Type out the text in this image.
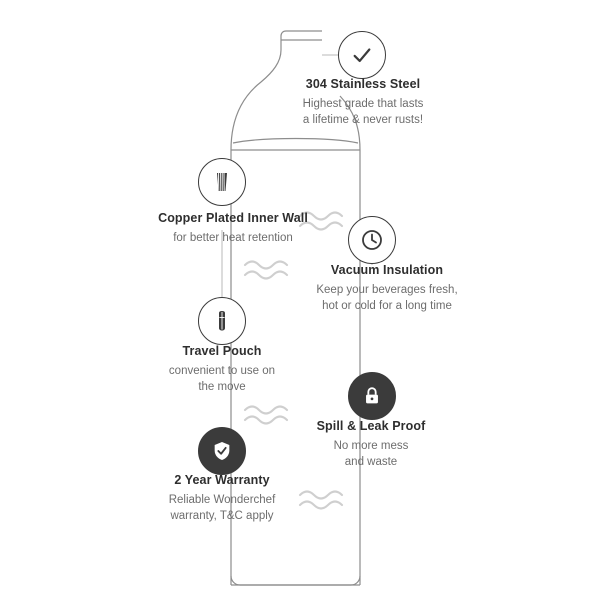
304 Stainless Steel

Highest grade that lasts

a lifetime & never rusts!

Copper Plated Inner Wall

for better heat retention

Vacuum Insulation

Keep your beverages fresh,

hot or cold for a long time

Travel Pouch

convenient to use on

the move

Spill & Leak Proof

No more mess

and waste

2 Year Warranty

Reliable Wonderchef

warranty, T&C apply
